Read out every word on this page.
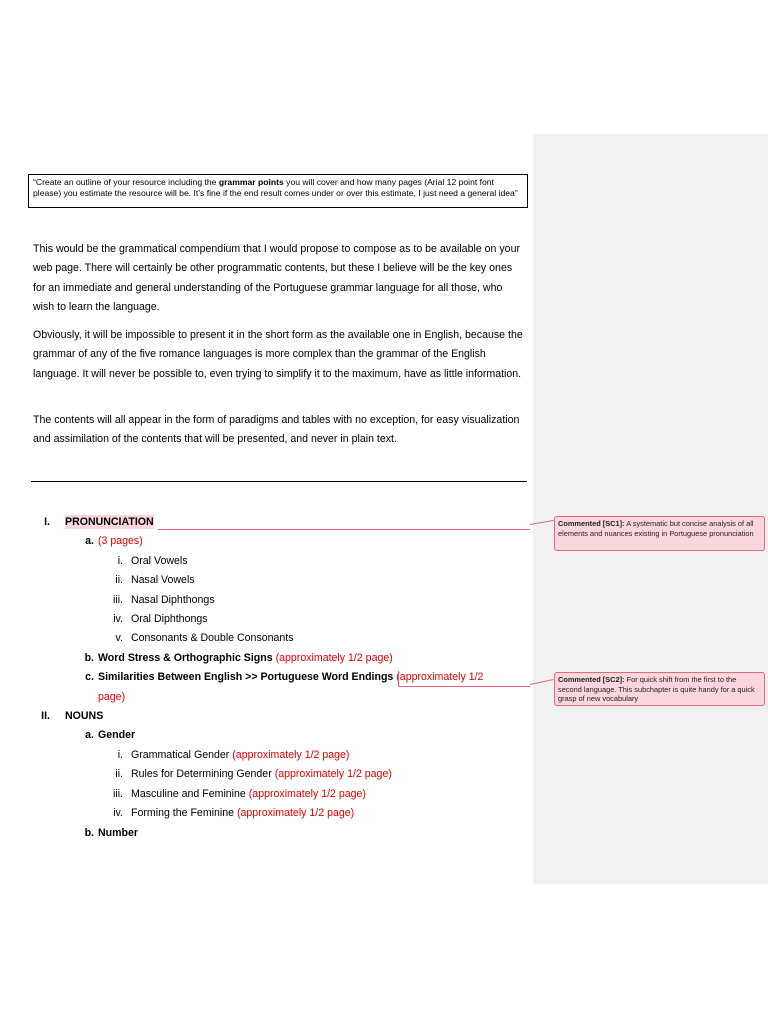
“Create an outline of your resource including the grammar points you will cover and how many pages (Arial 12 point font please) you estimate the resource will be. It’s fine if the end result comes under or over this estimate, I just need a general idea”

This would be the grammatical compendium that I would propose to compose as to be available on your web page. There will certainly be other programmatic contents, but these I believe will be the key ones for an immediate and general understanding of the Portuguese grammar language for all those, who wish to learn the language.

Obviously, it will be impossible to present it in the short form as the available one in English, because the grammar of any of the five romance languages is more complex than the grammar of the English language. It will never be possible to, even trying to simplify it to the maximum, have as little information.

The contents will all appear in the form of paradigms and tables with no exception, for easy visualization and assimilation of the contents that will be presented, and never in plain text.

I. PRONUNCIATION
a. (3 pages)
i. Oral Vowels
ii. Nasal Vowels
iii. Nasal Diphthongs
iv. Oral Diphthongs
v. Consonants & Double Consonants
b. Word Stress & Orthographic Signs (approximately 1/2 page)
c. Similarities Between English >> Portuguese Word Endings (approximately 1/2
page)
II. NOUNS
a. Gender
i. Grammatical Gender (approximately 1/2 page)
ii. Rules for Determining Gender (approximately 1/2 page)
iii. Masculine and Feminine (approximately 1/2 page)
iv. Forming the Feminine (approximately 1/2 page)
b. Number
Commented [SC1]: A systematic but concise analysis of all elements and nuances existing in Portuguese pronunciation
Commented [SC2]: For quick shift from the first to the second language. This subchapter is quite handy for a quick grasp of new vocabulary
